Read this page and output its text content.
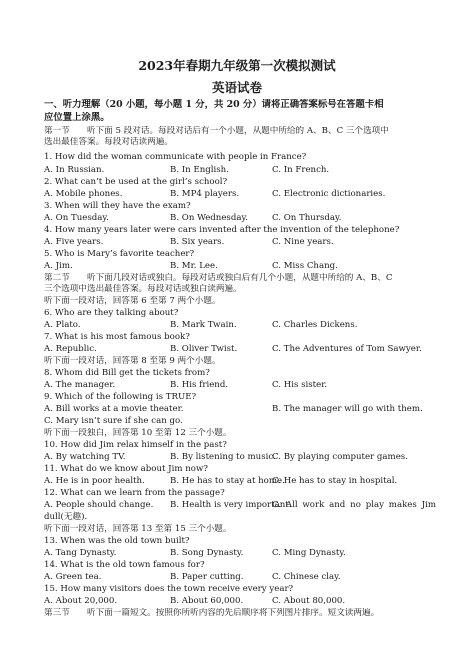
2023年春期九年级第一次模拟测试
英语试卷
一、听力理解（20 小题，每小题 1 分，共 20 分）请将正确答案标号在答题卡相
应位置上涂黑。
第一节　　听下面 5 段对话。每段对话后有一个小题，从题中所给的 A、B、C 三个选项中
选出最佳答案。每段对话读两遍。
1. How did the woman communicate with people in France?
A. In Russian.	B. In English.	C. In French.
2. What can’t be used at the girl’s school?
A. Mobile phones.	B. MP4 players.	C. Electronic dictionaries.
3. When will they have the exam?
A. On Tuesday.	B. On Wednesday.	C. On Thursday.
4. How many years later were cars invented after the invention of the telephone?
A. Five years.	B. Six years.	C. Nine years.
5. Who is Mary’s favorite teacher?
A. Jim.	B. Mr. Lee.	C. Miss Chang.
第二节　　听下面几段对话或独白。每段对话或独白后有几个小题，从题中所给的 A、B、C
三个选项中选出最佳答案。每段对话或独白读两遍。
听下面一段对话，回答第 6 至第 7 两个小题。
6. Who are they talking about?
A. Plato.	B. Mark Twain.	C. Charles Dickens.
7. What is his most famous book?
A. Republic.	B. Oliver Twist.	C. The Adventures of Tom Sawyer.
听下面一段对话，回答第 8 至第 9 两个小题。
8. Whom did Bill get the tickets from?
A. The manager.	B. His friend.	C. His sister.
9. Which of the following is TRUE?
A. Bill works at a movie theater.	B. The manager will go with them.
C. Mary isn’t sure if she can go.
听下面一段独白，回答第 10 至第 12 三个小题。
10. How did Jim relax himself in the past?
A. By watching TV.	B. By listening to music.
C. By playing computer games.
11. What do we know about Jim now?
A. He is in poor health.	B. He has to stay at home.
C. He has to stay in hospital.
12. What can we learn from the passage?
A. People should change. B. Health is very important.
C. All work and no play makes Jim
dull(无趣).
听下面一段对话，回答第 13 至第 15 三个小题。
13. When was the old town built?
A. Tang Dynasty.	B. Song Dynasty.	C. Ming Dynasty.
14. What is the old town famous for?
A. Green tea.	B. Paper cutting.	C. Chinese clay.
15. How many visitors does the town receive every year?
A. About 20,000.	B. About 60,000.	C. About 80,000.
第三节　　听下面一篇短文。按照你所听内容的先后顺序将下列图片排序。短文读两遍。
